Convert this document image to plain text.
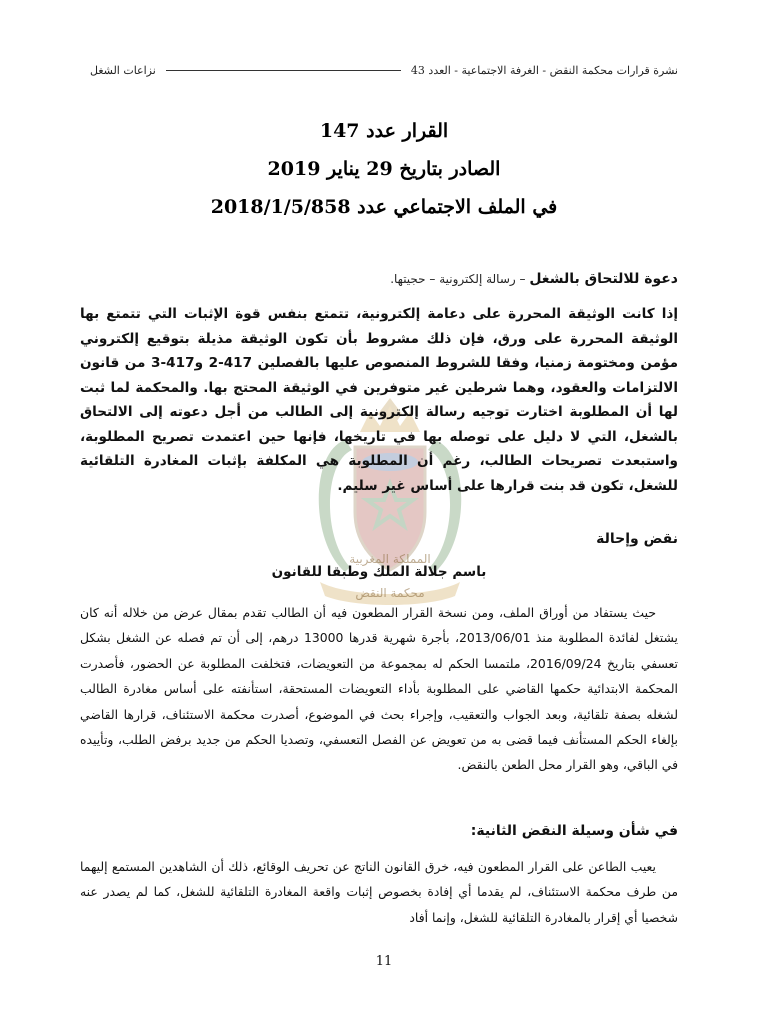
نشرة قرارات محكمة النقض - الغرفة الاجتماعية - العدد 43
نزاعات الشغل
القرار عدد 147
الصادر بتاريخ 29 يناير 2019
في الملف الاجتماعي عدد 2018/1/5/858
المملكة المغربية
محكمة النقض
دعوة للالتحاق بالشغل – رسالة إلكترونية – حجيتها.
إذا كانت الوثيقة المحررة على دعامة إلكترونية، تتمتع بنفس قوة الإثبات التي تتمتع بها الوثيقة المحررة على ورق، فإن ذلك مشروط بأن تكون الوثيقة مذيلة بتوقيع إلكتروني مؤمن ومختومة زمنيا، وفقا للشروط المنصوص عليها بالفصلين 417-2 و417-3 من قانون الالتزامات والعقود، وهما شرطين غير متوفرين في الوثيقة المحتج بها. والمحكمة لما ثبت لها أن المطلوبة اختارت توجيه رسالة إلكترونية إلى الطالب من أجل دعوته إلى الالتحاق بالشغل، التي لا دليل على توصله بها في تاريخها، فإنها حين اعتمدت تصريح المطلوبة، واستبعدت تصريحات الطالب، رغم أن المطلوبة هي المكلفة بإثبات المغادرة التلقائية للشغل، تكون قد بنت قرارها على أساس غير سليم.
نقض وإحالة
باسم جلالة الملك وطبقا للقانون
حيث يستفاد من أوراق الملف، ومن نسخة القرار المطعون فيه أن الطالب تقدم بمقال عرض من خلاله أنه كان يشتغل لفائدة المطلوبة منذ 2013/06/01، بأجرة شهرية قدرها 13000 درهم، إلى أن تم فصله عن الشغل بشكل تعسفي بتاريخ 2016/09/24، ملتمسا الحكم له بمجموعة من التعويضات، فتخلفت المطلوبة عن الحضور، فأصدرت المحكمة الابتدائية حكمها القاضي على المطلوبة بأداء التعويضات المستحقة، استأنفته على أساس مغادرة الطالب لشغله بصفة تلقائية، وبعد الجواب والتعقيب، وإجراء بحث في الموضوع، أصدرت محكمة الاستئناف، قرارها القاضي بإلغاء الحكم المستأنف فيما قضى به من تعويض عن الفصل التعسفي، وتصديا الحكم من جديد برفض الطلب، وتأييده في الباقي، وهو القرار محل الطعن بالنقض.
في شأن وسيلة النقض الثانية:
يعيب الطاعن على القرار المطعون فيه، خرق القانون الناتج عن تحريف الوقائع، ذلك أن الشاهدين المستمع إليهما من طرف محكمة الاستئناف، لم يقدما أي إفادة بخصوص إثبات واقعة المغادرة التلقائية للشغل، كما لم يصدر عنه شخصيا أي إقرار بالمغادرة التلقائية للشغل، وإنما أفاد
11
